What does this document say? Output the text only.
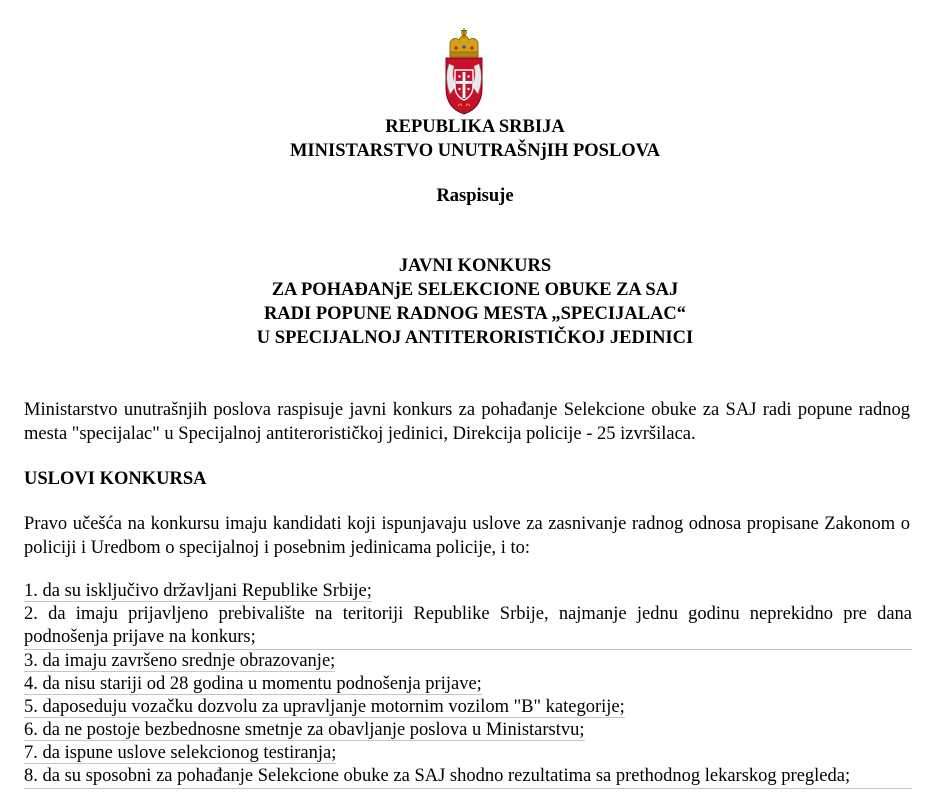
REPUBLIKA SRBIJA
MINISTARSTVO UNUTRAŠNjIH POSLOVA
Raspisuje
JAVNI KONKURS
ZA POHAĐANjE SELEKCIONE OBUKE ZA SAJ
RADI POPUNE RADNOG MESTA „SPECIJALAC“
U SPECIJALNOJ ANTITERORISTIČKOJ JEDINICI
Ministarstvo unutrašnjih poslova raspisuje javni konkurs za pohađanje Selekcione obuke za SAJ radi popune radnog mesta "specijalac" u Specijalnoj antiterorističkoj jedinici, Direkcija policije - 25 izvršilaca.
USLOVI KONKURSA
Pravo učešća na konkursu imaju kandidati koji ispunjavaju uslove za zasnivanje radnog odnosa propisane Zakonom o policiji i Uredbom o specijalnoj i posebnim jedinicama policije, i to:
1. da su isključivo državljani Republike Srbije;
2. da imaju prijavljeno prebivalište na teritoriji Republike Srbije, najmanje jednu godinu neprekidno pre dana podnošenja prijave na konkurs;
3. da imaju završeno srednje obrazovanje;
4. da nisu stariji od 28 godina u momentu podnošenja prijave;
5. daposeduju vozačku dozvolu za upravljanje motornim vozilom "B" kategorije;
6. da ne postoje bezbednosne smetnje za obavljanje poslova u Ministarstvu;
7. da ispune uslove selekcionog testiranja;
8. da su sposobni za pohađanje Selekcione obuke za SAJ shodno rezultatima sa prethodnog lekarskog pregleda;
